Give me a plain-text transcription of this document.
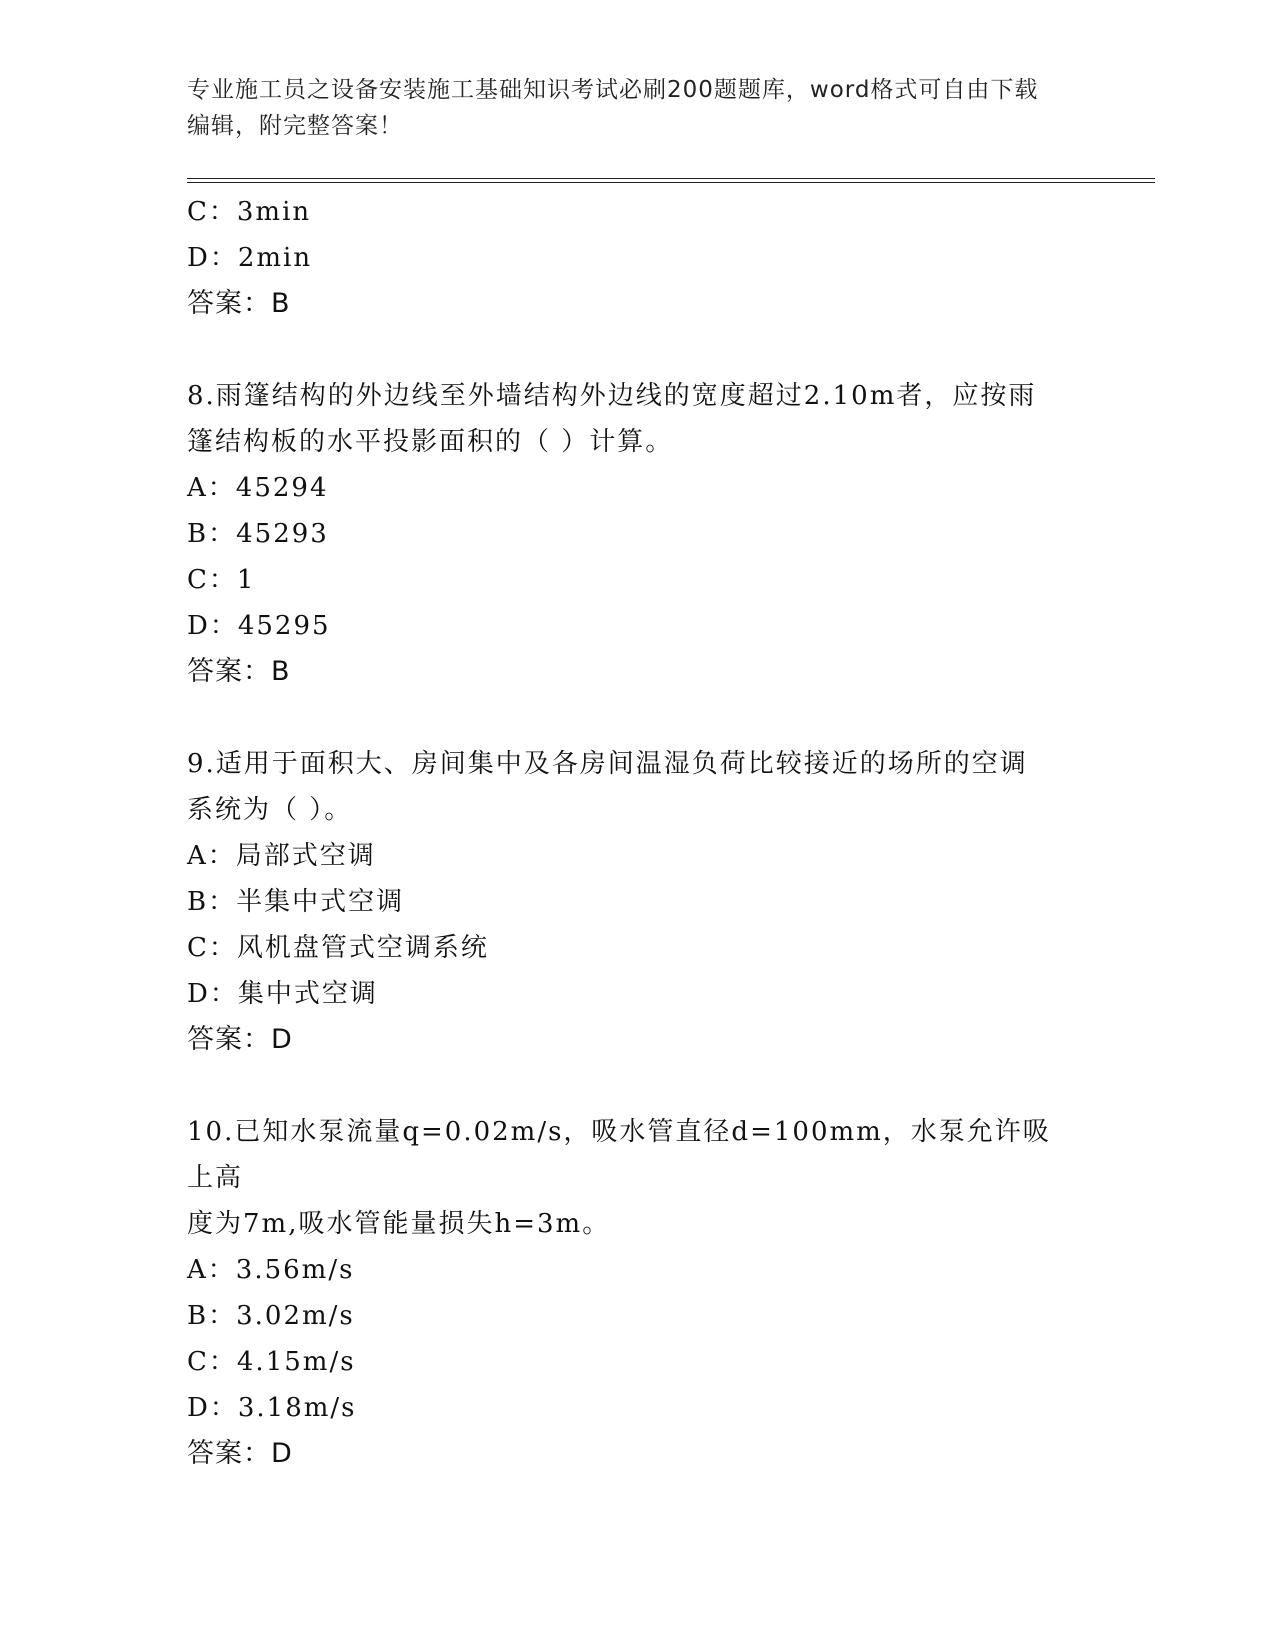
专业施工员之设备安装施工基础知识考试必刷200题题库，word格式可自由下载
编辑，附完整答案！
C：3min
D：2min
答案：B
8.雨篷结构的外边线至外墙结构外边线的宽度超过2.10m者，应按雨
篷结构板的水平投影面积的（ ）计算。
A：45294
B：45293
C：1
D：45295
答案：B
9.适用于面积大、房间集中及各房间温湿负荷比较接近的场所的空调
系统为（ ）。
A：局部式空调
B：半集中式空调
C：风机盘管式空调系统
D：集中式空调
答案：D
10.已知水泵流量q=0.02m/s，吸水管直径d=100mm，水泵允许吸上高
度为7m,吸水管能量损失h=3m。
A：3.56m/s
B：3.02m/s
C：4.15m/s
D：3.18m/s
答案：D
